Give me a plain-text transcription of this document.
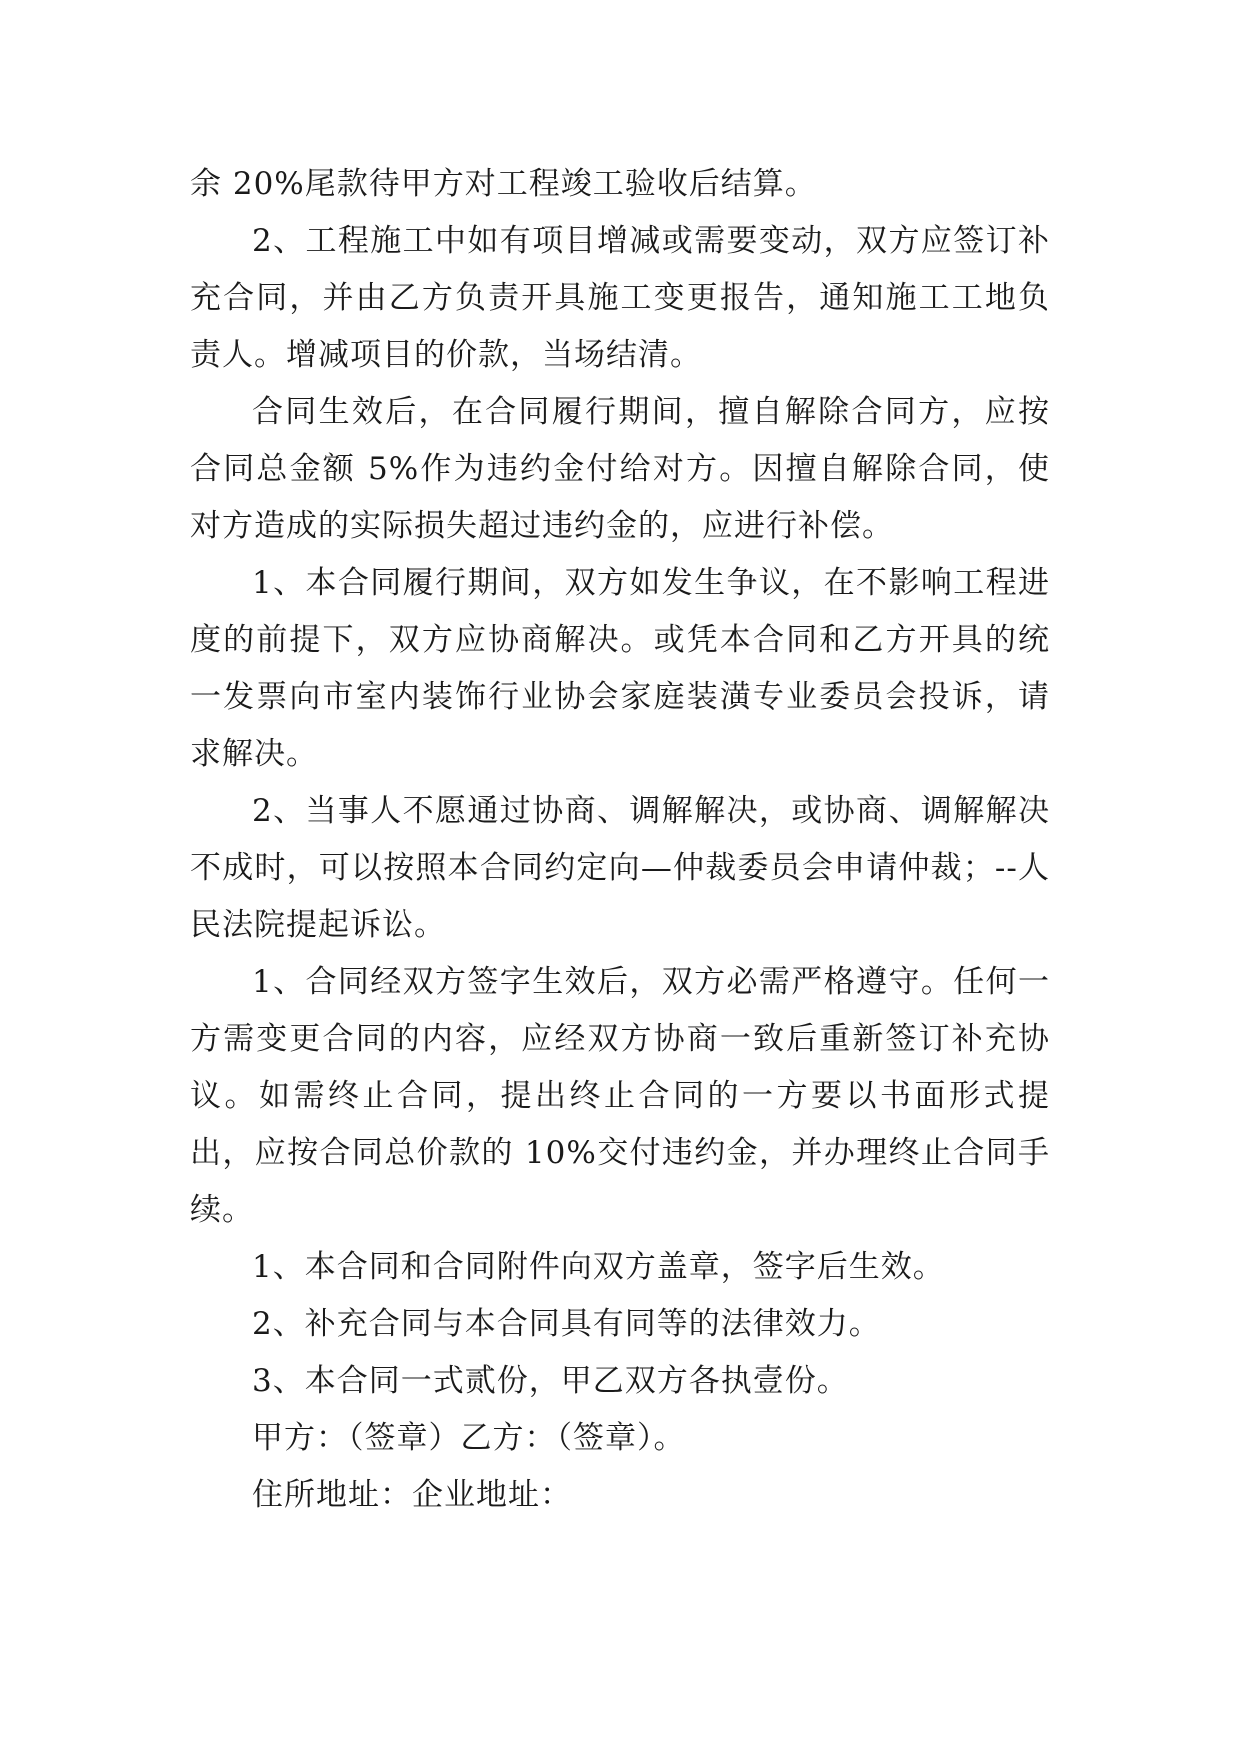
余 20%尾款待甲方对工程竣工验收后结算。

2、工程施工中如有项目增减或需要变动，双方应签订补充合同，并由乙方负责开具施工变更报告，通知施工工地负责人。增减项目的价款，当场结清。

合同生效后，在合同履行期间，擅自解除合同方，应按合同总金额 5%作为违约金付给对方。因擅自解除合同，使对方造成的实际损失超过违约金的，应进行补偿。

1、本合同履行期间，双方如发生争议，在不影响工程进度的前提下，双方应协商解决。或凭本合同和乙方开具的统一发票向市室内装饰行业协会家庭装潢专业委员会投诉，请求解决。

2、当事人不愿通过协商、调解解决，或协商、调解解决不成时，可以按照本合同约定向—仲裁委员会申请仲裁；--人民法院提起诉讼。

1、合同经双方签字生效后，双方必需严格遵守。任何一方需变更合同的内容，应经双方协商一致后重新签订补充协议。如需终止合同，提出终止合同的一方要以书面形式提出，应按合同总价款的 10%交付违约金，并办理终止合同手续。

1、本合同和合同附件向双方盖章，签字后生效。

2、补充合同与本合同具有同等的法律效力。

3、本合同一式贰份，甲乙双方各执壹份。

甲方：（签章）乙方：（签章）。

住所地址：企业地址：
